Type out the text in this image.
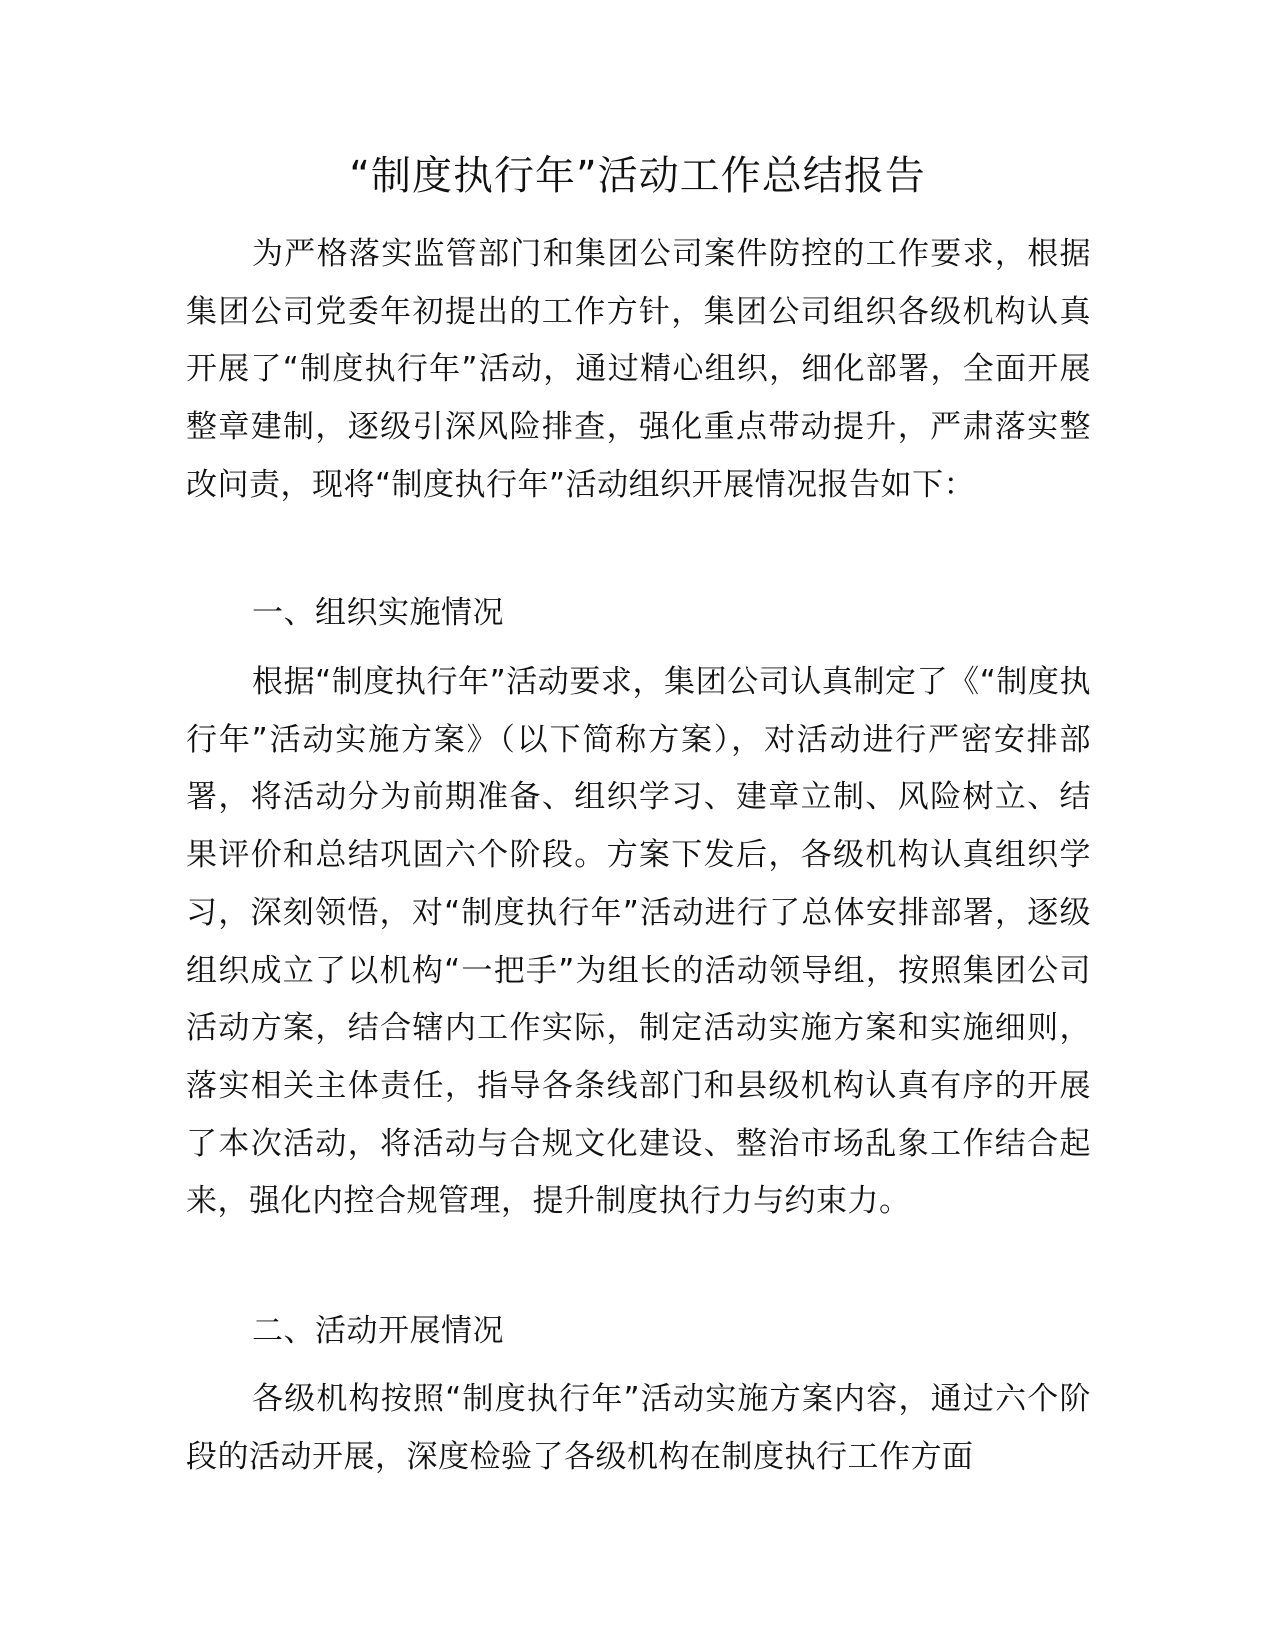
“制度执行年”活动工作总结报告

为严格落实监管部门和集团公司案件防控的工作要求，根据集团公司党委年初提出的工作方针，集团公司组织各级机构认真开展了“制度执行年”活动，通过精心组织，细化部署，全面开展整章建制，逐级引深风险排查，强化重点带动提升，严肃落实整改问责，现将“制度执行年”活动组织开展情况报告如下：

一、组织实施情况

根据“制度执行年”活动要求，集团公司认真制定了《“制度执行年”活动实施方案》（以下简称方案），对活动进行严密安排部署，将活动分为前期准备、组织学习、建章立制、风险树立、结果评价和总结巩固六个阶段。方案下发后，各级机构认真组织学习，深刻领悟，对“制度执行年”活动进行了总体安排部署，逐级组织成立了以机构“一把手”为组长的活动领导组，按照集团公司活动方案，结合辖内工作实际，制定活动实施方案和实施细则，落实相关主体责任，指导各条线部门和县级机构认真有序的开展了本次活动，将活动与合规文化建设、整治市场乱象工作结合起来，强化内控合规管理，提升制度执行力与约束力。

二、活动开展情况

各级机构按照“制度执行年”活动实施方案内容，通过六个阶段的活动开展，深度检验了各级机构在制度执行工作方面
